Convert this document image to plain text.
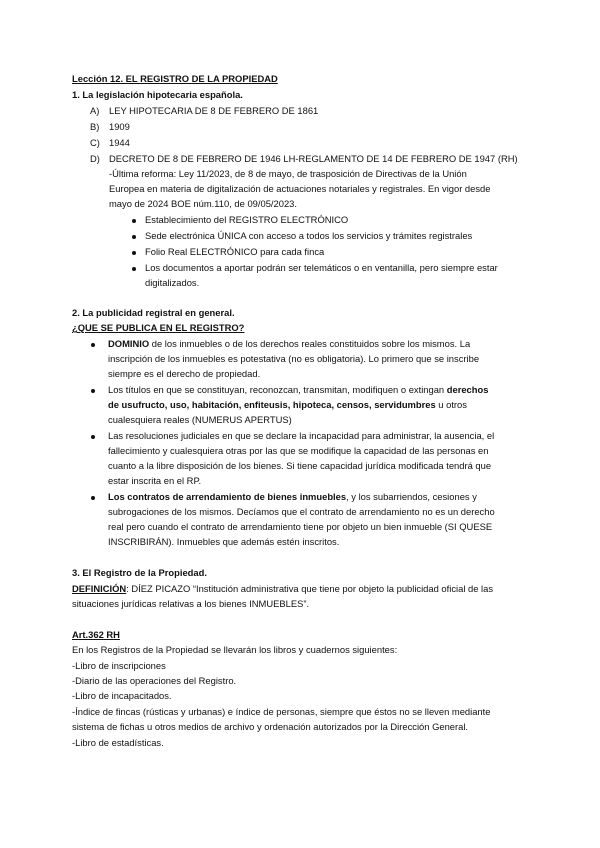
Lección 12. EL REGISTRO DE LA PROPIEDAD
1. La legislación hipotecaria española.
A) LEY HIPOTECARIA DE 8 DE FEBRERO DE 1861
B) 1909
C) 1944
D) DECRETO DE 8 DE FEBRERO DE 1946 LH-REGLAMENTO DE 14 DE FEBRERO DE 1947 (RH)
-Última reforma: Ley 11/2023, de 8 de mayo, de trasposición de Directivas de la Unión
Europea en materia de digitalización de actuaciones notariales y registrales. En vigor desde
mayo de 2024 BOE núm.110, de 09/05/2023.
Establecimiento del REGISTRO ELECTRÓNICO
Sede electrónica ÚNICA con acceso a todos los servicios y trámites registrales
Folio Real ELECTRÓNICO para cada finca
Los documentos a aportar podrán ser telemáticos o en ventanilla, pero siempre estar
digitalizados.
2. La publicidad registral en general.
¿QUE SE PUBLICA EN EL REGISTRO?
DOMINIO de los inmuebles o de los derechos reales constituidos sobre los mismos. La
inscripción de los inmuebles es potestativa (no es obligatoria). Lo primero que se inscribe
siempre es el derecho de propiedad.
Los títulos en que se constituyan, reconozcan, transmitan, modifiquen o extingan derechos
de usufructo, uso, habitación, enfiteusis, hipoteca, censos, servidumbres u otros
cualesquiera reales (NUMERUS APERTUS)
Las resoluciones judiciales en que se declare la incapacidad para administrar, la ausencia, el
fallecimiento y cualesquiera otras por las que se modifique la capacidad de las personas en
cuanto a la libre disposición de los bienes. Si tiene capacidad jurídica modificada tendrá que
estar inscrita en el RP.
Los contratos de arrendamiento de bienes inmuebles, y los subarriendos, cesiones y
subrogaciones de los mismos. Decíamos que el contrato de arrendamiento no es un derecho
real pero cuando el contrato de arrendamiento tiene por objeto un bien inmueble (SI QUESE
INSCRIBIRÁN). Inmuebles que además estén inscritos.
3. El Registro de la Propiedad.
DEFINICIÓN: DÍEZ PICAZO “Institución administrativa que tiene por objeto la publicidad oficial de las
situaciones jurídicas relativas a los bienes INMUEBLES”.
Art.362 RH
En los Registros de la Propiedad se llevarán los libros y cuadernos siguientes:
-Libro de inscripciones
-Diario de las operaciones del Registro.
-Libro de incapacitados.
-Índice de fincas (rústicas y urbanas) e índice de personas, siempre que éstos no se lleven mediante
sistema de fichas u otros medios de archivo y ordenación autorizados por la Dirección General.
-Libro de estadísticas.
